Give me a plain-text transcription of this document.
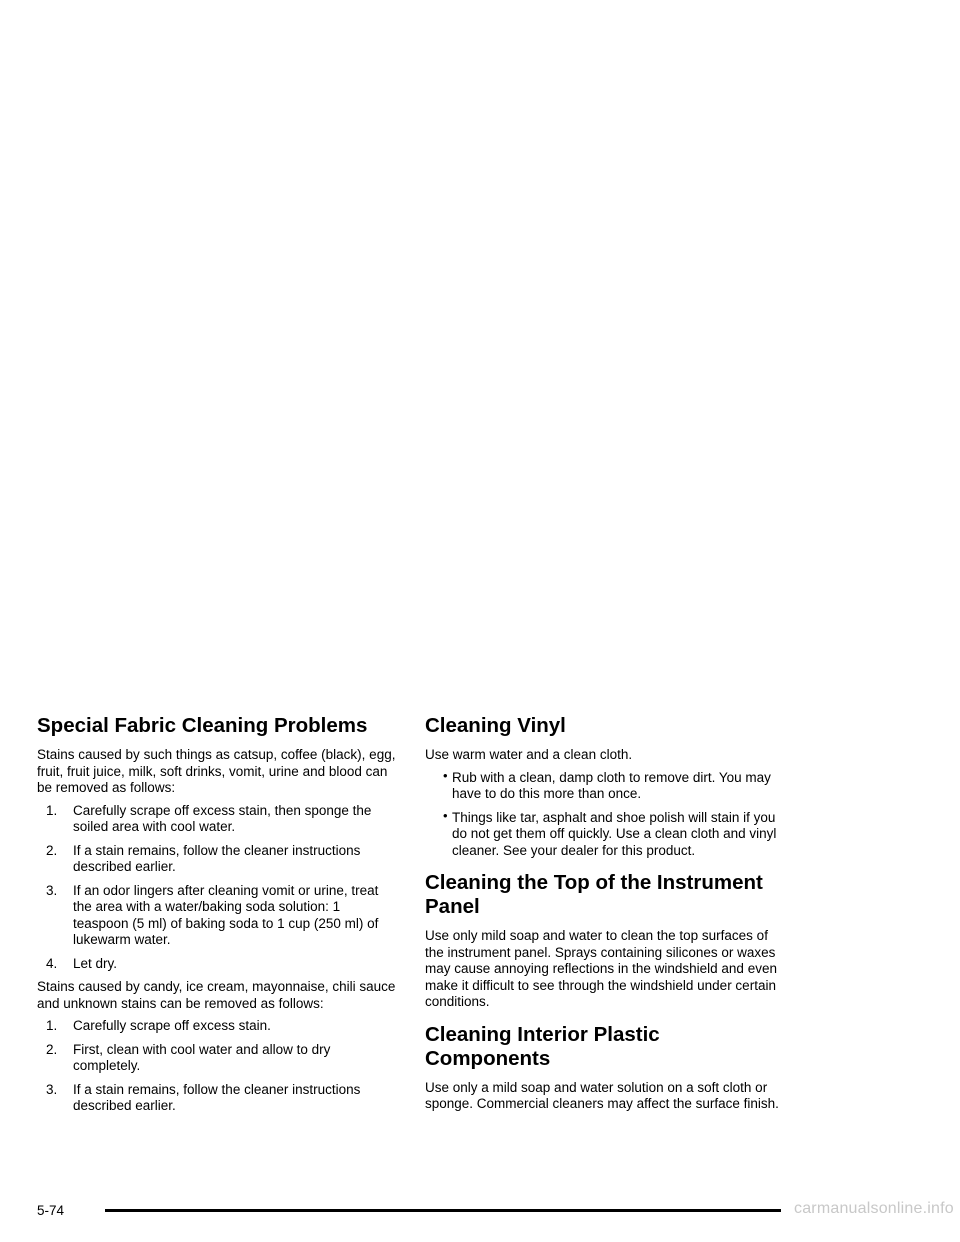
Special Fabric Cleaning Problems

Stains caused by such things as catsup, coffee (black), egg, fruit, fruit juice, milk, soft drinks, vomit, urine and blood can be removed as follows:

1. Carefully scrape off excess stain, then sponge the soiled area with cool water.
2. If a stain remains, follow the cleaner instructions described earlier.
3. If an odor lingers after cleaning vomit or urine, treat the area with a water/baking soda solution: 1 teaspoon (5 ml) of baking soda to 1 cup (250 ml) of lukewarm water.
4. Let dry.

Stains caused by candy, ice cream, mayonnaise, chili sauce and unknown stains can be removed as follows:

1. Carefully scrape off excess stain.
2. First, clean with cool water and allow to dry completely.
3. If a stain remains, follow the cleaner instructions described earlier.
Cleaning Vinyl

Use warm water and a clean cloth.

• Rub with a clean, damp cloth to remove dirt. You may have to do this more than once.
• Things like tar, asphalt and shoe polish will stain if you do not get them off quickly. Use a clean cloth and vinyl cleaner. See your dealer for this product.
Cleaning the Top of the Instrument Panel

Use only mild soap and water to clean the top surfaces of the instrument panel. Sprays containing silicones or waxes may cause annoying reflections in the windshield and even make it difficult to see through the windshield under certain conditions.

Cleaning Interior Plastic Components

Use only a mild soap and water solution on a soft cloth or sponge. Commercial cleaners may affect the surface finish.

5-74	carmanualsonline.info
